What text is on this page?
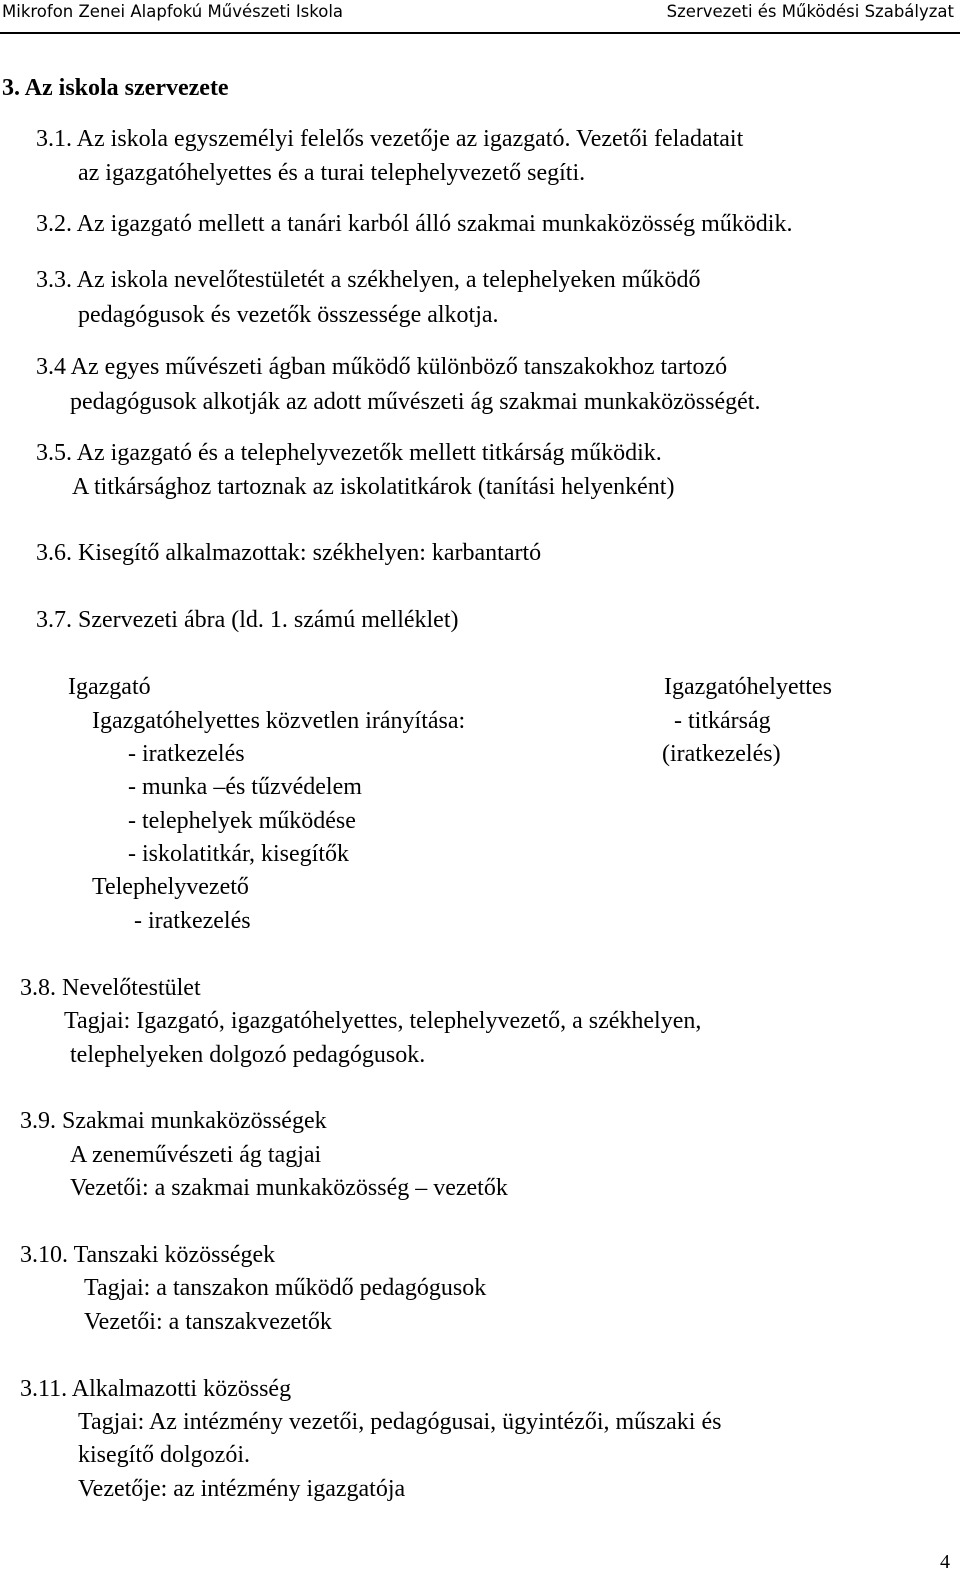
Mikrofon Zenei Alapfokú Művészeti Iskola	Szervezeti és Működési Szabályzat
3. Az iskola szervezete
3.1. Az iskola egyszemélyi felelős vezetője az igazgató. Vezetői feladatait
az igazgatóhelyettes és a turai telephelyvezető segíti.
3.2. Az igazgató mellett a tanári karból álló szakmai munkaközösség működik.
3.3. Az iskola nevelőtestületét a székhelyen, a telephelyeken működő
pedagógusok és vezetők összessége alkotja.
3.4 Az egyes művészeti ágban működő különböző tanszakokhoz tartozó
pedagógusok alkotják az adott művészeti ág szakmai munkaközösségét.
3.5. Az igazgató és a telephelyvezetők mellett titkárság működik.
A titkársághoz tartoznak az iskolatitkárok (tanítási helyenként)
3.6. Kisegítő alkalmazottak: székhelyen: karbantartó
3.7. Szervezeti ábra (ld. 1. számú melléklet)
Igazgató
Igazgatóhelyettes közvetlen irányítása:
- iratkezelés
- munka –és tűzvédelem
- telephelyek működése
- iskolatitkár, kisegítők
Telephelyvezető
- iratkezelés
Igazgatóhelyettes
- titkárság
(iratkezelés)
3.8. Nevelőtestület
Tagjai: Igazgató, igazgatóhelyettes, telephelyvezető, a székhelyen,
telephelyeken dolgozó pedagógusok.
3.9. Szakmai munkaközösségek
A zeneművészeti ág tagjai
Vezetői: a szakmai munkaközösség – vezetők
3.10. Tanszaki közösségek
Tagjai: a tanszakon működő pedagógusok
Vezetői: a tanszakvezetők
3.11. Alkalmazotti közösség
Tagjai: Az intézmény vezetői, pedagógusai, ügyintézői, műszaki és
kisegítő dolgozói.
Vezetője: az intézmény igazgatója
4
